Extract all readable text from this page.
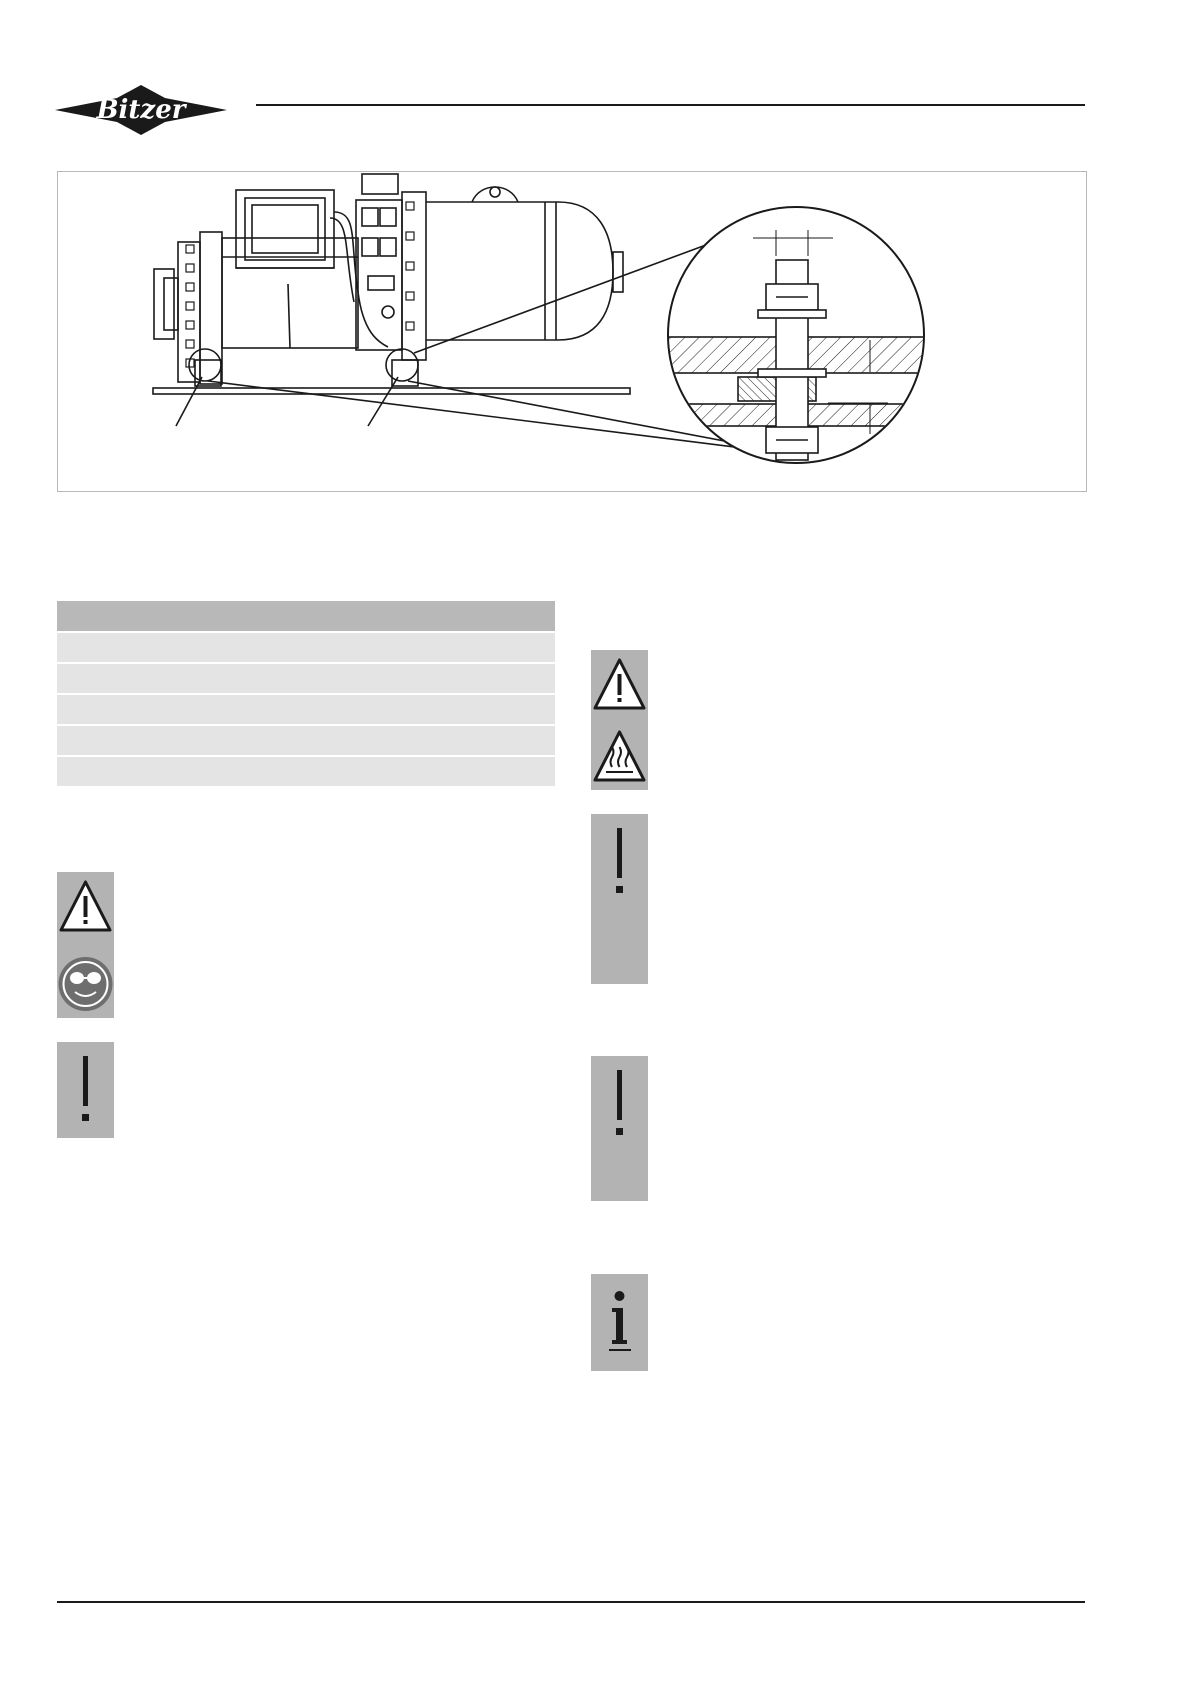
Bitzer
